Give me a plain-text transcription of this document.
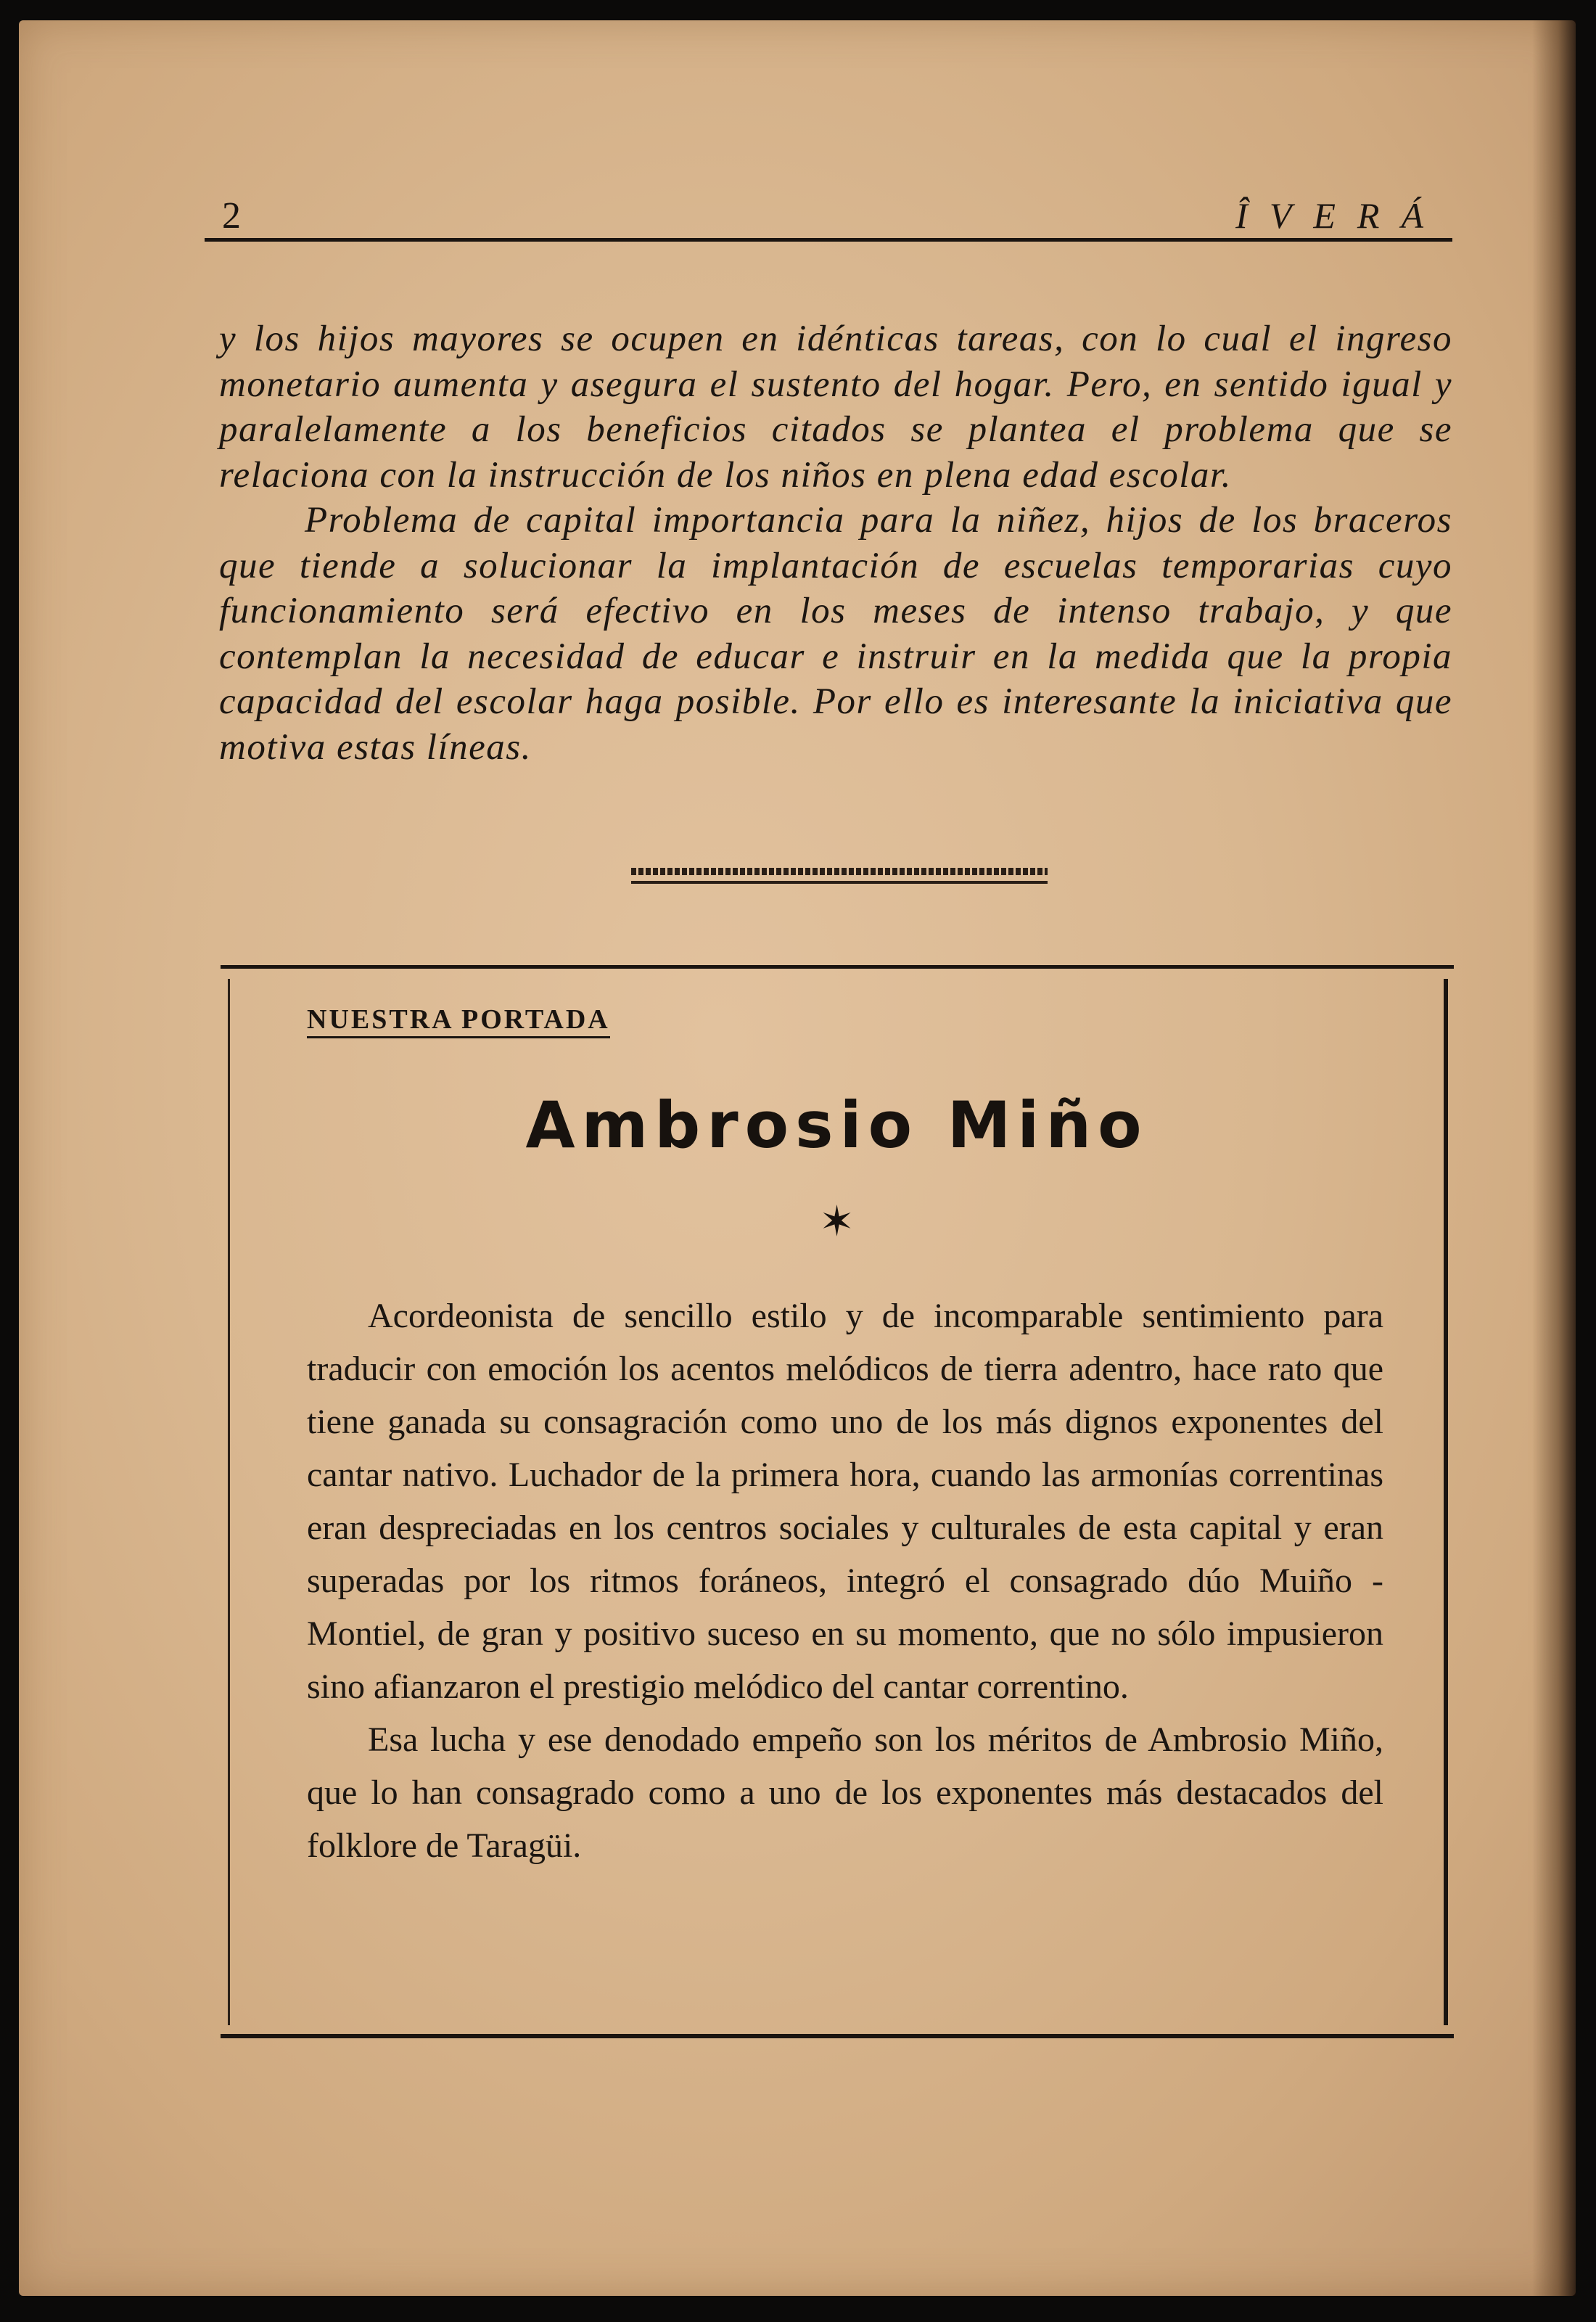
2	ÎVERÁ

y los hijos mayores se ocupen en idénticas tareas, con lo cual el ingreso monetario aumenta y asegura el sustento del hogar. Pero, en sentido igual y paralelamente a los beneficios citados se plantea el problema que se relaciona con la instrucción de los niños en plena edad escolar.

Problema de capital importancia para la niñez, hijos de los braceros que tiende a solucionar la implantación de escuelas temporarias cuyo funcionamiento será efectivo en los meses de intenso trabajo, y que contemplan la necesidad de educar e instruir en la medida que la propia capacidad del escolar haga posible. Por ello es interesante la iniciativa que motiva estas líneas.

NUESTRA PORTADA
Ambrosio Miño
✶

Acordeonista de sencillo estilo y de incomparable sentimiento para traducir con emoción los acentos melódicos de tierra adentro, hace rato que tiene ganada su consagración como uno de los más dignos exponentes del cantar nativo. Luchador de la primera hora, cuando las armonías correntinas eran despreciadas en los centros sociales y culturales de esta capital y eran superadas por los ritmos foráneos, integró el consagrado dúo Muiño - Montiel, de gran y positivo suceso en su momento, que no sólo impusieron sino afianzaron el prestigio melódico del cantar correntino.

Esa lucha y ese denodado empeño son los méritos de Ambrosio Miño, que lo han consagrado como a uno de los exponentes más destacados del folklore de Taragüi.
